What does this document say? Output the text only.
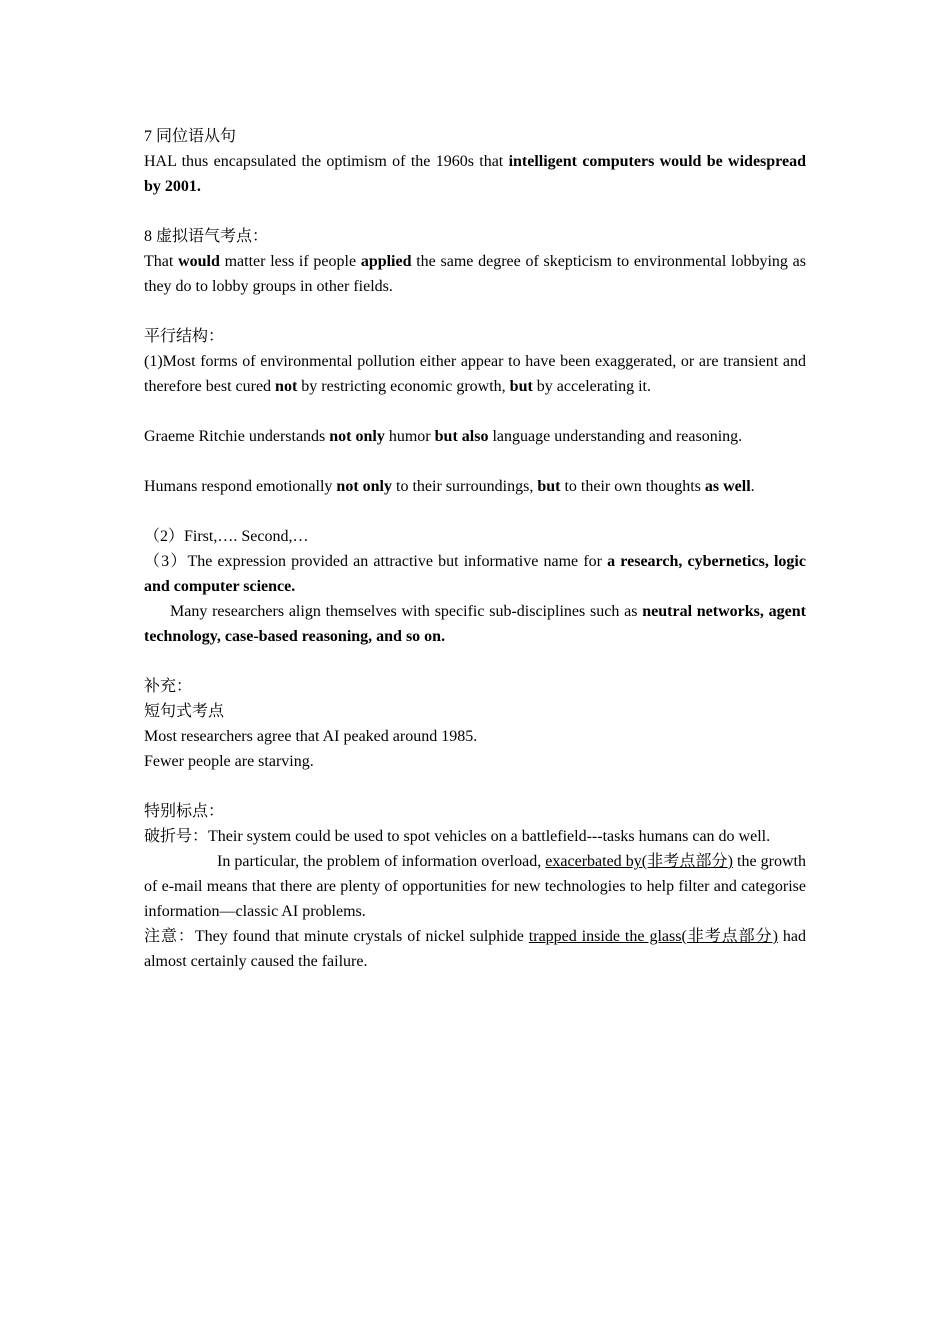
7 同位语从句

HAL thus encapsulated the optimism of the 1960s that intelligent computers would be widespread by 2001.

8 虚拟语气考点：

That would matter less if people applied the same degree of skepticism to environmental lobbying as they do to lobby groups in other fields.

平行结构：

(1)Most forms of environmental pollution either appear to have been exaggerated, or are transient and therefore best cured not by restricting economic growth, but by accelerating it.

Graeme Ritchie understands not only humor but also language understanding and reasoning.

Humans respond emotionally not only to their surroundings, but to their own thoughts as well.

（2）First,…. Second,…

（3）The expression provided an attractive but informative name for a research, cybernetics, logic and computer science.

Many researchers align themselves with specific sub-disciplines such as neutral networks, agent technology, case-based reasoning, and so on.

补充：

短句式考点

Most researchers agree that AI peaked around 1985.

Fewer people are starving.

特别标点：

破折号：Their system could be used to spot vehicles on a battlefield---tasks humans can do well.

In particular, the problem of information overload, exacerbated by(非考点部分) the growth of e-mail means that there are plenty of opportunities for new technologies to help filter and categorise information—classic AI problems.

注意：They found that minute crystals of nickel sulphide trapped inside the glass(非考点部分) had almost certainly caused the failure.
